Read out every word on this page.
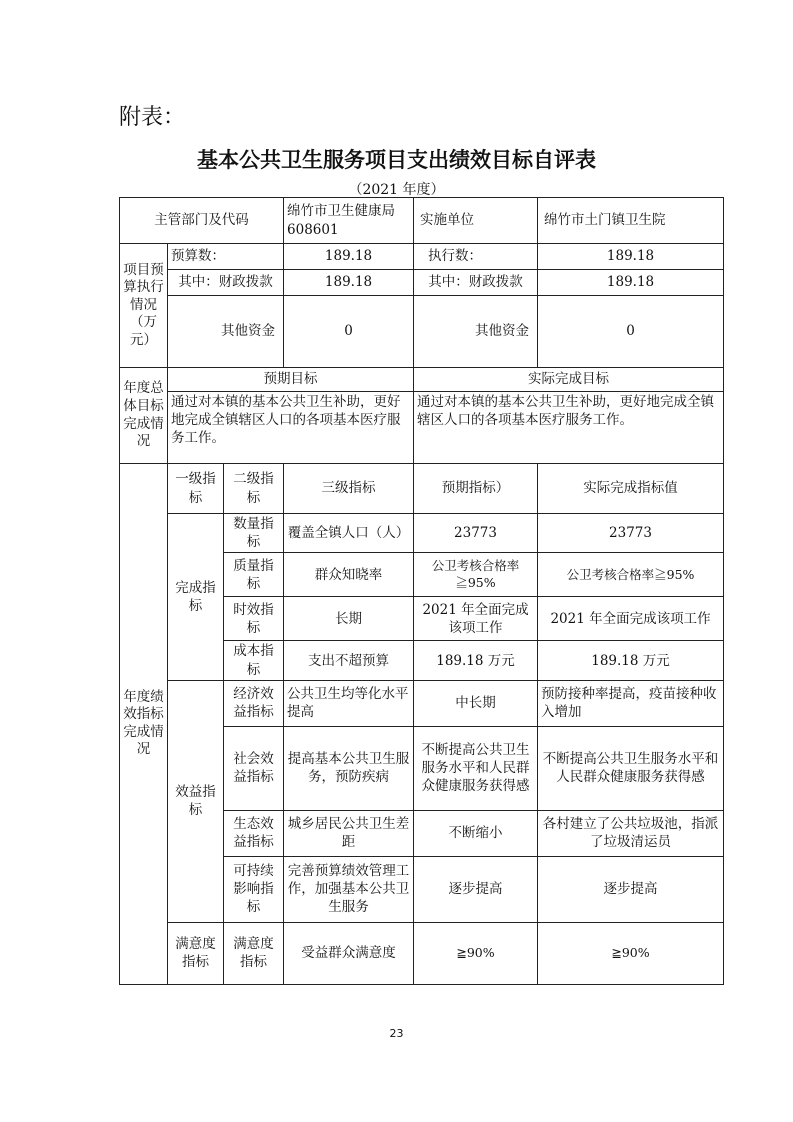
附表：
基本公共卫生服务项目支出绩效目标自评表
（2021 年度）
主管部门及代码			绵竹市卫生健康局 608601	实施单位	绵竹市土门镇卫生院
项目预算执行情况（万元）	预算数：		189.18	执行数：	189.18
	其中：财政拨款		189.18	其中：财政拨款	189.18
	其他资金		0	其他资金	0
年度总体目标完成情况	预期目标			实际完成目标	
	通过对本镇的基本公共卫生补助，更好地完成全镇辖区人口的各项基本医疗服务工作。			通过对本镇的基本公共卫生补助，更好地完成全镇辖区人口的各项基本医疗服务工作。	
年度绩效指标完成情况	一级指标	二级指标	三级指标	预期指标）	实际完成指标值
	完成指标	数量指标	覆盖全镇人口（人）	23773	23773
		质量指标	群众知晓率	公卫考核合格率≧95%	公卫考核合格率≧95%
		时效指标	长期	2021 年全面完成该项工作	2021 年全面完成该项工作
		成本指标	支出不超预算	189.18 万元	189.18 万元
	效益指标	经济效益指标	公共卫生均等化水平提高	中长期	预防接种率提高，疫苗接种收入增加
		社会效益指标	提高基本公共卫生服务，预防疾病	不断提高公共卫生服务水平和人民群众健康服务获得感	不断提高公共卫生服务水平和人民群众健康服务获得感
		生态效益指标	城乡居民公共卫生差距	不断缩小	各村建立了公共垃圾池，指派了垃圾清运员
		可持续影响指标	完善预算绩效管理工作，加强基本公共卫生服务	逐步提高	逐步提高
	满意度指标	满意度指标	受益群众满意度	≧90%	≧90%
23
